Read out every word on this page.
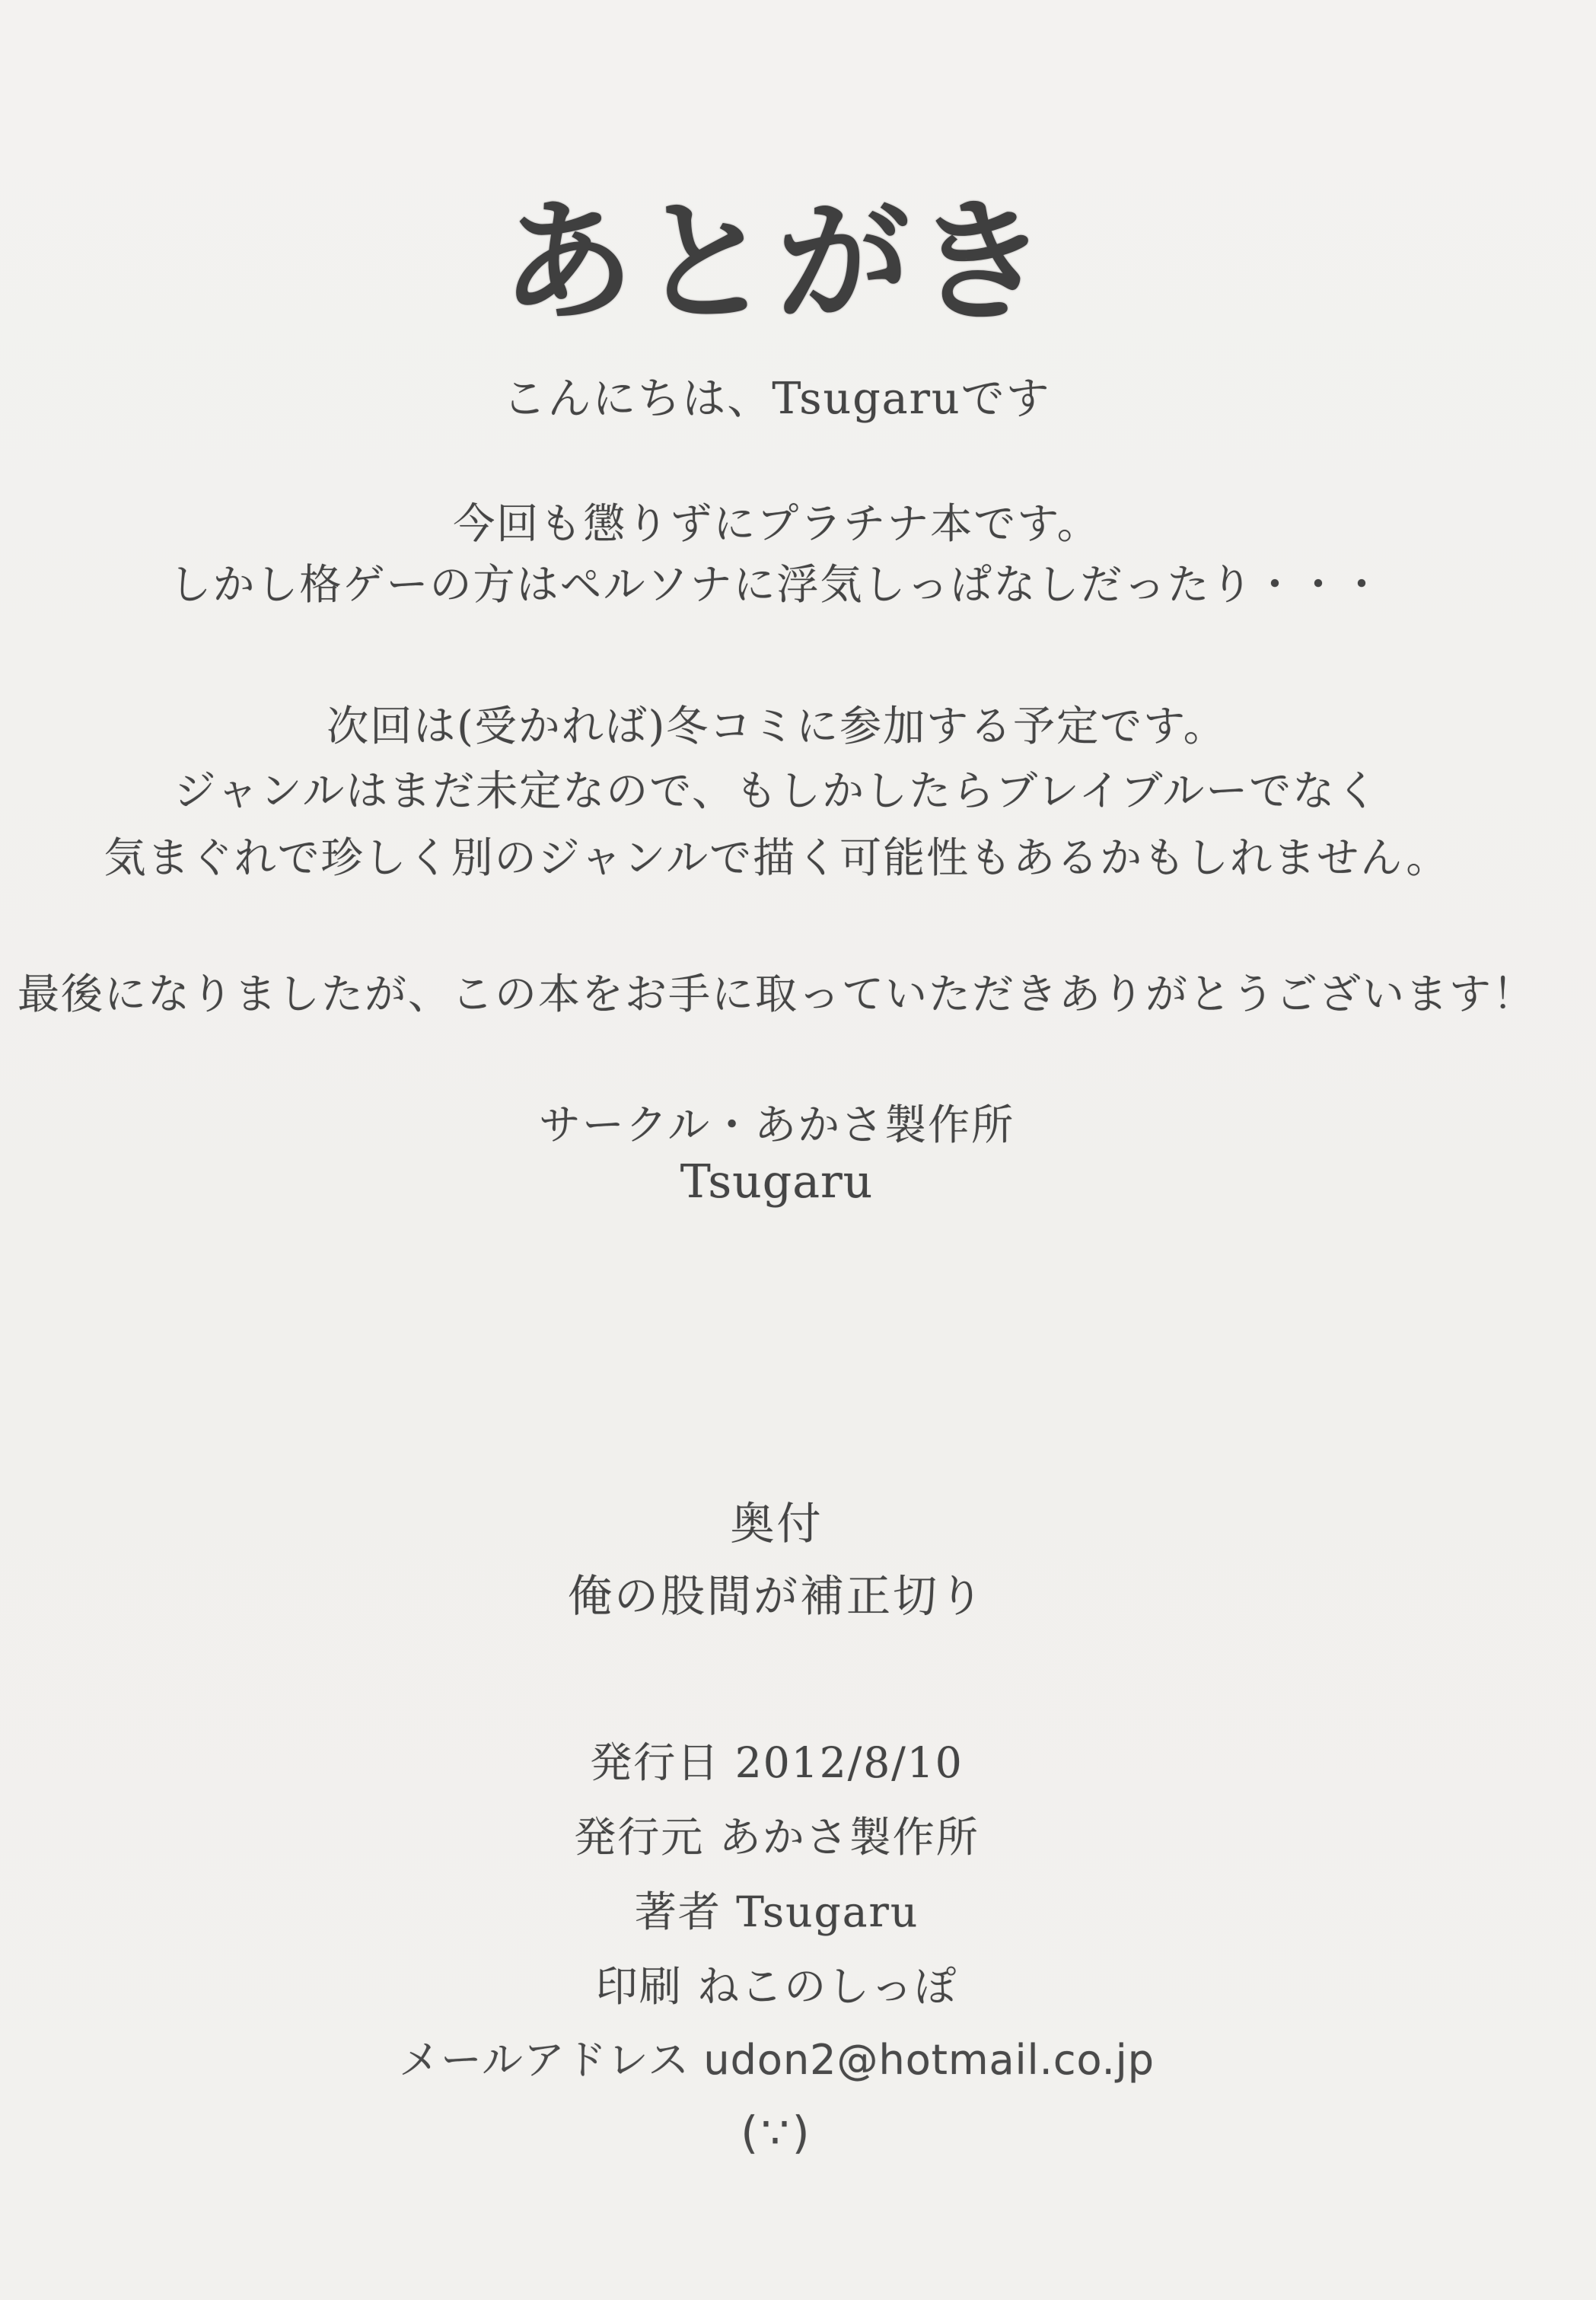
あとがき
こんにちは、Tsugaruです
今回も懲りずにプラチナ本です。
しかし格ゲーの方はペルソナに浮気しっぱなしだったり・・・
次回は(受かれば)冬コミに参加する予定です。
ジャンルはまだ未定なので、もしかしたらブレイブルーでなく
気まぐれで珍しく別のジャンルで描く可能性もあるかもしれません。
最後になりましたが、この本をお手に取っていただきありがとうございます！
サークル・あかさ製作所
Tsugaru
奥付
俺の股間が補正切り
発行日 2012/8/10
発行元 あかさ製作所
著者 Tsugaru
印刷 ねこのしっぽ
メールアドレス udon2@hotmail.co.jp
(∵)
